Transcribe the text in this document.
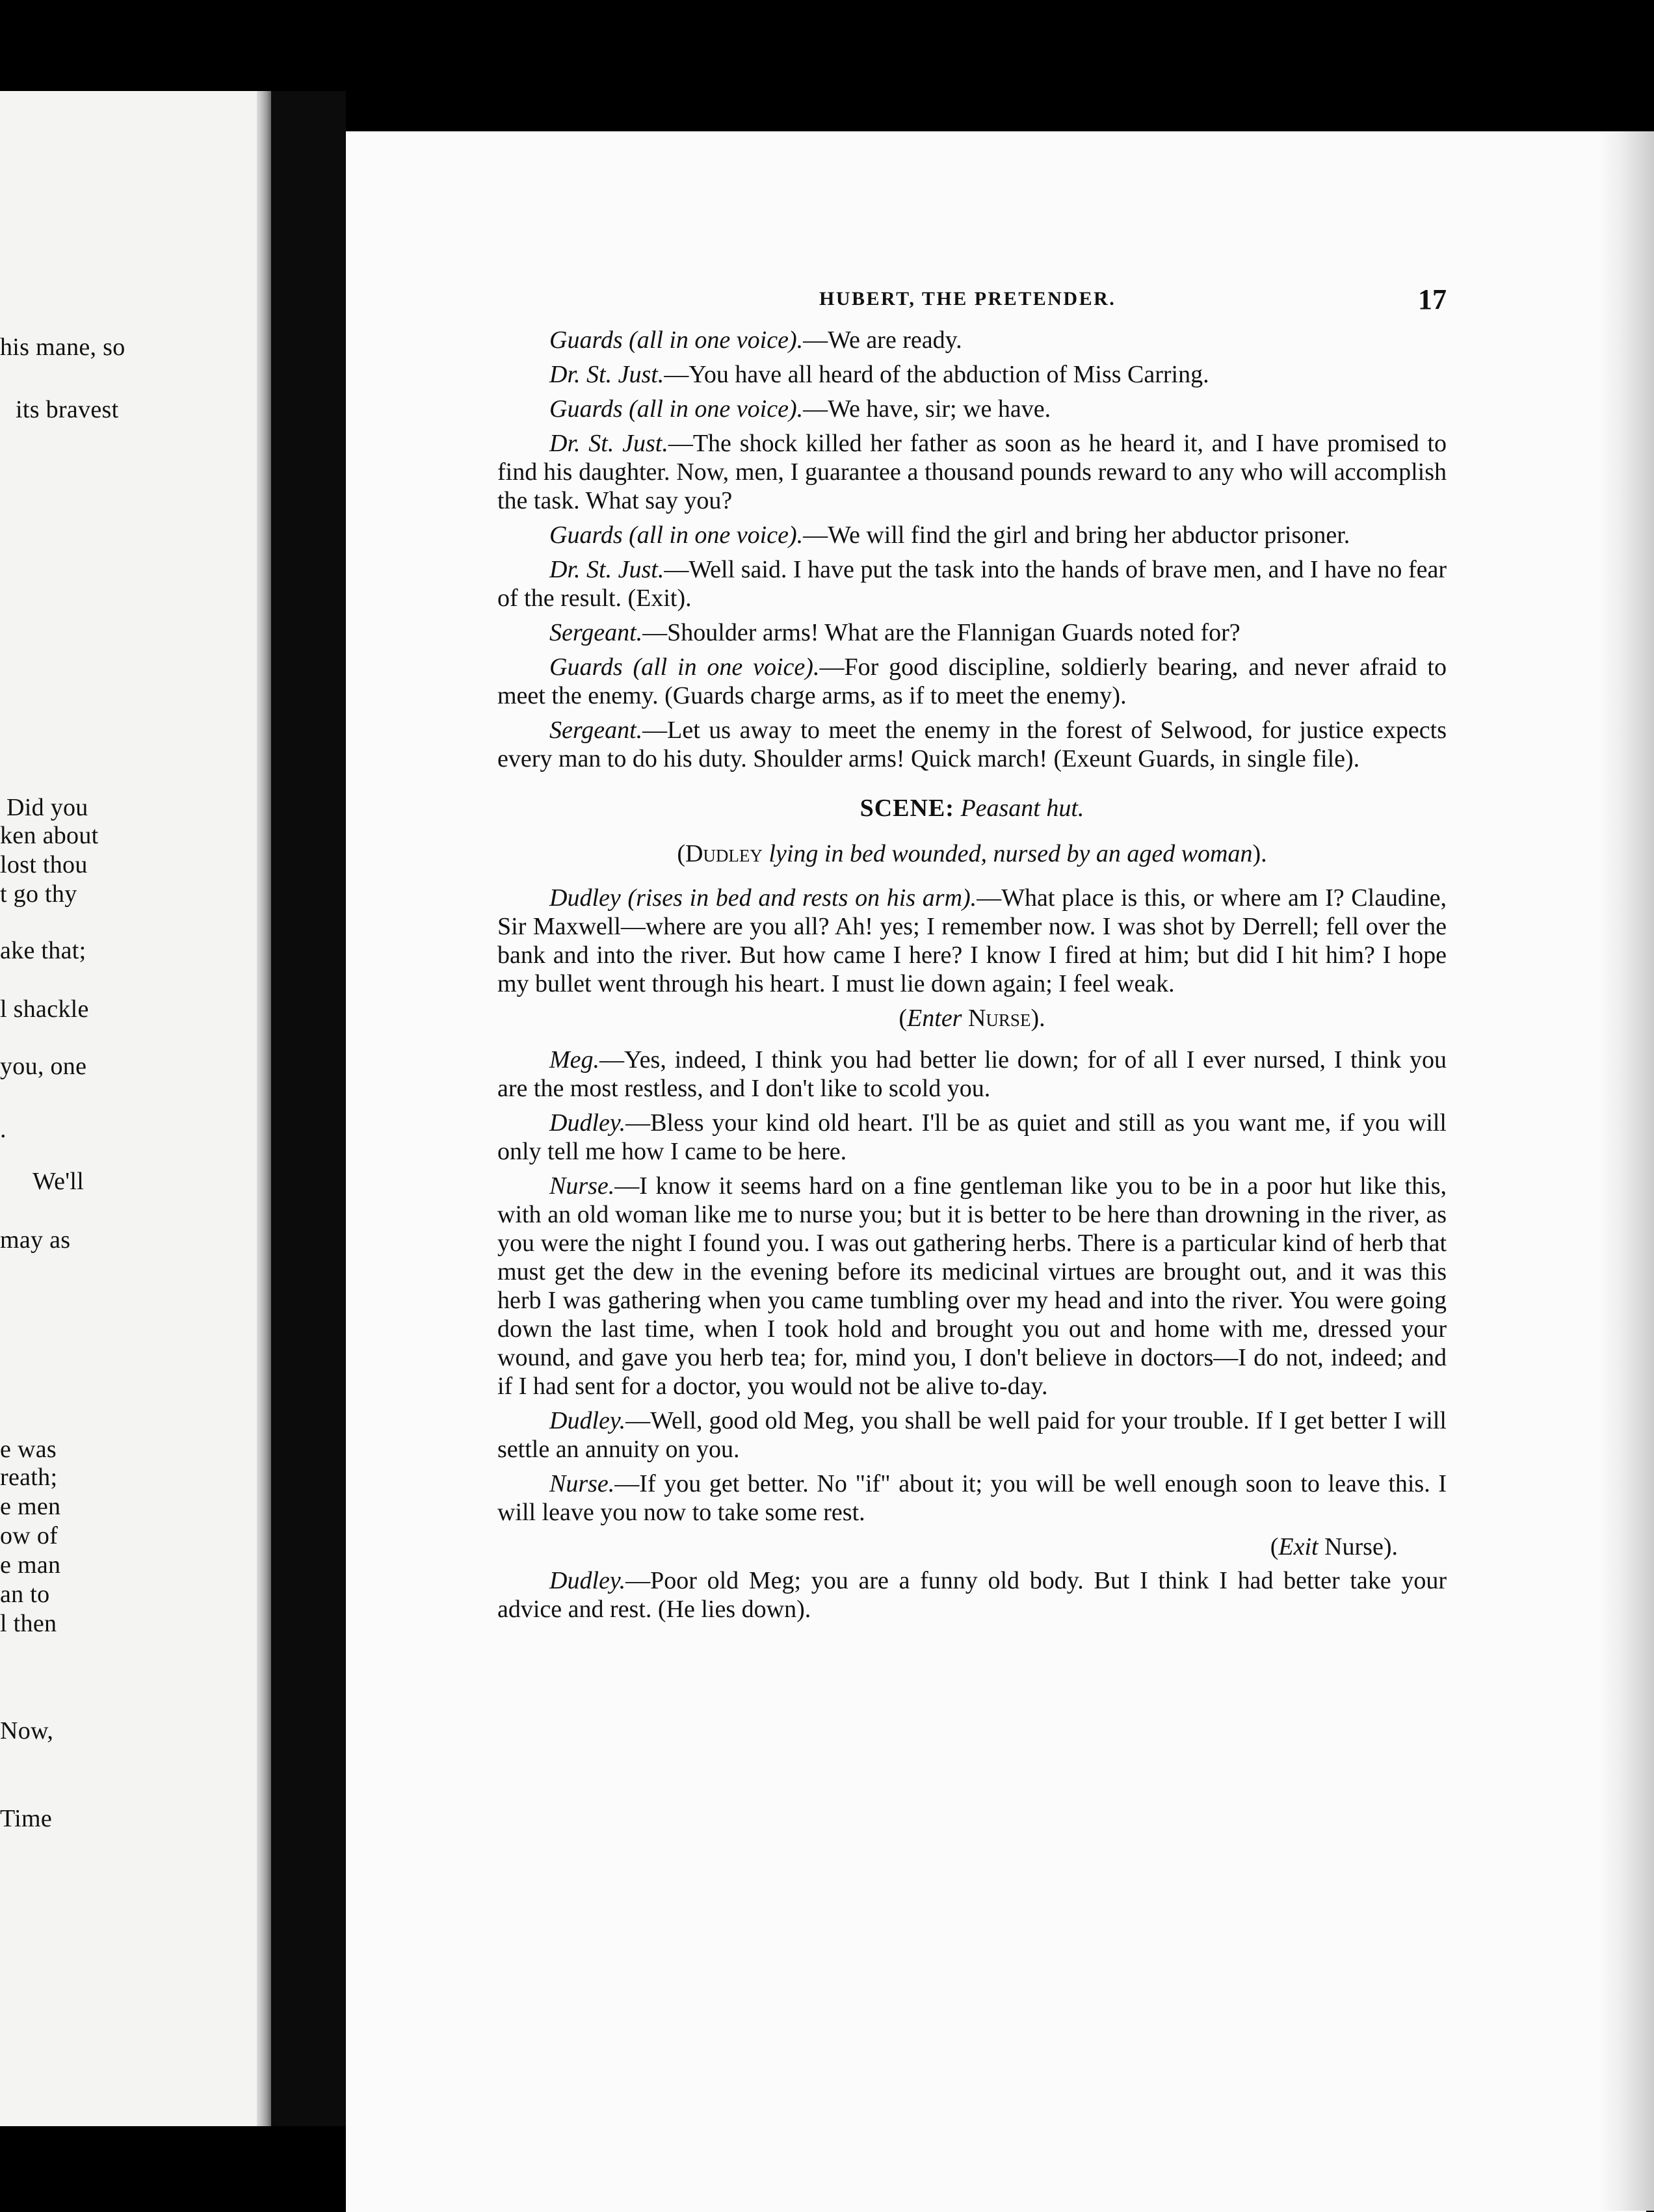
his mane, so
its bravest
Did you
ken about
lost thou
t go thy
ake that;
l shackle
you, one
.
We'll
may as
e was
reath;
e men
ow of
e man
an to
l then
Now,
Time
HUBERT, THE PRETENDER.	17

Guards (all in one voice).—We are ready.

Dr. St. Just.—You have all heard of the abduction of Miss Carring.

Guards (all in one voice).—We have, sir; we have.

Dr. St. Just.—The shock killed her father as soon as he heard it, and I have promised to find his daughter. Now, men, I guarantee a thousand pounds reward to any who will accomplish the task. What say you?

Guards (all in one voice).—We will find the girl and bring her abductor prisoner.

Dr. St. Just.—Well said. I have put the task into the hands of brave men, and I have no fear of the result. (Exit).

Sergeant.—Shoulder arms! What are the Flannigan Guards noted for?

Guards (all in one voice).—For good discipline, soldierly bearing, and never afraid to meet the enemy. (Guards charge arms, as if to meet the enemy).

Sergeant.—Let us away to meet the enemy in the forest of Selwood, for justice expects every man to do his duty. Shoulder arms! Quick march! (Exeunt Guards, in single file).

SCENE: Peasant hut.

(Dudley lying in bed wounded, nursed by an aged woman).

Dudley (rises in bed and rests on his arm).—What place is this, or where am I? Claudine, Sir Maxwell—where are you all? Ah! yes; I remember now. I was shot by Derrell; fell over the bank and into the river. But how came I here? I know I fired at him; but did I hit him? I hope my bullet went through his heart. I must lie down again; I feel weak.

(Enter Nurse).

Meg.—Yes, indeed, I think you had better lie down; for of all I ever nursed, I think you are the most restless, and I don't like to scold you.

Dudley.—Bless your kind old heart. I'll be as quiet and still as you want me, if you will only tell me how I came to be here.

Nurse.—I know it seems hard on a fine gentleman like you to be in a poor hut like this, with an old woman like me to nurse you; but it is better to be here than drowning in the river, as you were the night I found you. I was out gathering herbs. There is a particular kind of herb that must get the dew in the evening before its medicinal virtues are brought out, and it was this herb I was gathering when you came tumbling over my head and into the river. You were going down the last time, when I took hold and brought you out and home with me, dressed your wound, and gave you herb tea; for, mind you, I don't believe in doctors—I do not, indeed; and if I had sent for a doctor, you would not be alive to-day.

Dudley.—Well, good old Meg, you shall be well paid for your trouble. If I get better I will settle an annuity on you.

Nurse.—If you get better. No "if" about it; you will be well enough soon to leave this. I will leave you now to take some rest.

(Exit Nurse).

Dudley.—Poor old Meg; you are a funny old body. But I think I had better take your advice and rest. (He lies down).
